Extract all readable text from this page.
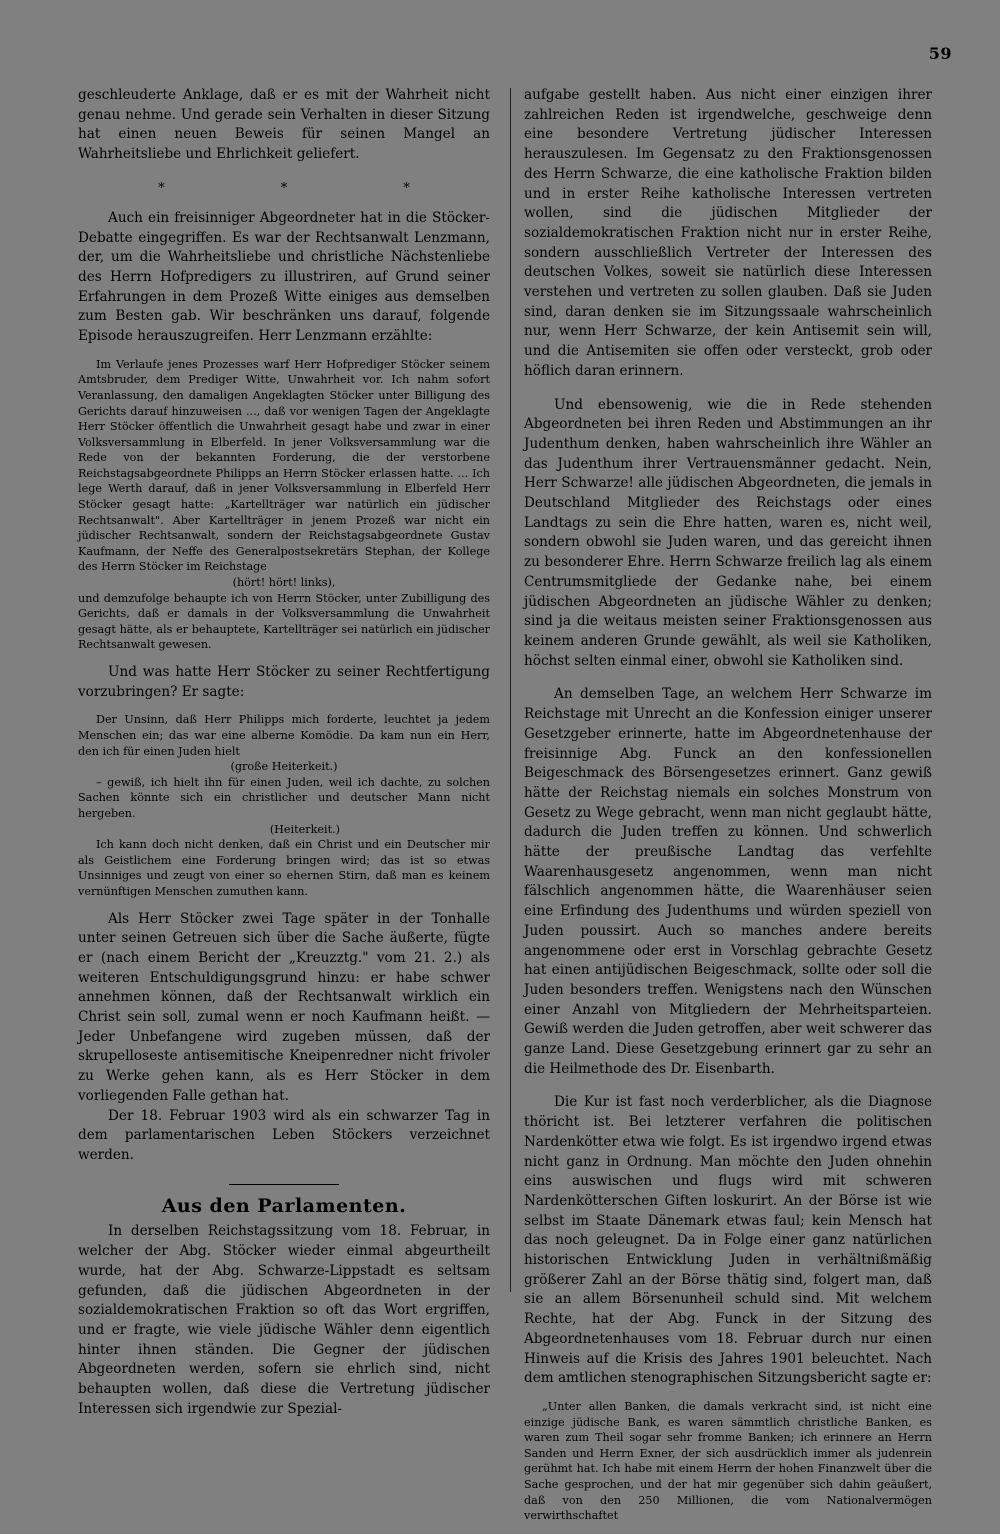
59

geschleuderte Anklage, daß er es mit der Wahrheit nicht genau nehme. Und gerade sein Verhalten in dieser Sitzung hat einen neuen Beweis für seinen Mangel an Wahrheitsliebe und Ehrlichkeit geliefert.

* * *

Auch ein freisinniger Abgeordneter hat in die Stöcker-Debatte eingegriffen. Es war der Rechtsanwalt Lenzmann, der, um die Wahrheitsliebe und christliche Nächstenliebe des Herrn Hofpredigers zu illustriren, auf Grund seiner Erfahrungen in dem Prozeß Witte einiges aus demselben zum Besten gab. Wir beschränken uns darauf, folgende Episode herauszugreifen. Herr Lenzmann erzählte:

Im Verlaufe jenes Prozesses warf Herr Hofprediger Stöcker seinem Amtsbruder, dem Prediger Witte, Unwahrheit vor. Ich nahm sofort Veranlassung, den damaligen Angeklagten Stöcker unter Billigung des Gerichts darauf hinzuweisen ..., daß vor wenigen Tagen der Angeklagte Herr Stöcker öffentlich die Unwahrheit gesagt habe und zwar in einer Volksversammlung in Elberfeld. In jener Volksversammlung war die Rede von der bekannten Forderung, die der verstorbene Reichstagsabgeordnete Philipps an Herrn Stöcker erlassen hatte. ... Ich lege Werth darauf, daß in jener Volksversammlung in Elberfeld Herr Stöcker gesagt hatte: „Kartellträger war natürlich ein jüdischer Rechtsanwalt". Aber Kartellträger in jenem Prozeß war nicht ein jüdischer Rechtsanwalt, sondern der Reichstagsabgeordnete Gustav Kaufmann, der Neffe des Generalpostsekretärs Stephan, der Kollege des Herrn Stöcker im Reichstage

(hört! hört! links),

und demzufolge behaupte ich von Herrn Stöcker, unter Zubilligung des Gerichts, daß er damals in der Volksversammlung die Unwahrheit gesagt hätte, als er behauptete, Kartellträger sei natürlich ein jüdischer Rechtsanwalt gewesen.

Und was hatte Herr Stöcker zu seiner Rechtfertigung vorzubringen? Er sagte:

Der Unsinn, daß Herr Philipps mich forderte, leuchtet ja jedem Menschen ein; das war eine alberne Komödie. Da kam nun ein Herr, den ich für einen Juden hielt

(große Heiterkeit.)

– gewiß, ich hielt ihn für einen Juden, weil ich dachte, zu solchen Sachen könnte sich ein christlicher und deutscher Mann nicht hergeben.

(Heiterkeit.)

Ich kann doch nicht denken, daß ein Christ und ein Deutscher mir als Geistlichem eine Forderung bringen wird; das ist so etwas Unsinniges und zeugt von einer so ehernen Stirn, daß man es keinem vernünftigen Menschen zumuthen kann.

Als Herr Stöcker zwei Tage später in der Tonhalle unter seinen Getreuen sich über die Sache äußerte, fügte er (nach einem Bericht der „Kreuzztg." vom 21. 2.) als weiteren Entschuldigungsgrund hinzu: er habe schwer annehmen können, daß der Rechtsanwalt wirklich ein Christ sein soll, zumal wenn er noch Kaufmann heißt. — Jeder Unbefangene wird zugeben müssen, daß der skrupelloseste antisemitische Kneipenredner nicht frivoler zu Werke gehen kann, als es Herr Stöcker in dem vorliegenden Falle gethan hat.

Der 18. Februar 1903 wird als ein schwarzer Tag in dem parlamentarischen Leben Stöckers verzeichnet werden.

Aus den Parlamenten.

In derselben Reichstagssitzung vom 18. Februar, in welcher der Abg. Stöcker wieder einmal abgeurtheilt wurde, hat der Abg. Schwarze-Lippstadt es seltsam gefunden, daß die jüdischen Abgeordneten in der sozialdemokratischen Fraktion so oft das Wort ergriffen, und er fragte, wie viele jüdische Wähler denn eigentlich hinter ihnen ständen. Die Gegner der jüdischen Abgeordneten werden, sofern sie ehrlich sind, nicht behaupten wollen, daß diese die Vertretung jüdischer Interessen sich irgendwie zur Spezial-

aufgabe gestellt haben. Aus nicht einer einzigen ihrer zahlreichen Reden ist irgendwelche, geschweige denn eine besondere Vertretung jüdischer Interessen herauszulesen. Im Gegensatz zu den Fraktionsgenossen des Herrn Schwarze, die eine katholische Fraktion bilden und in erster Reihe katholische Interessen vertreten wollen, sind die jüdischen Mitglieder der sozialdemokratischen Fraktion nicht nur in erster Reihe, sondern ausschließlich Vertreter der Interessen des deutschen Volkes, soweit sie natürlich diese Interessen verstehen und vertreten zu sollen glauben. Daß sie Juden sind, daran denken sie im Sitzungssaale wahrscheinlich nur, wenn Herr Schwarze, der kein Antisemit sein will, und die Antisemiten sie offen oder versteckt, grob oder höflich daran erinnern.

Und ebensowenig, wie die in Rede stehenden Abgeordneten bei ihren Reden und Abstimmungen an ihr Judenthum denken, haben wahrscheinlich ihre Wähler an das Judenthum ihrer Vertrauensmänner gedacht. Nein, Herr Schwarze! alle jüdischen Abgeordneten, die jemals in Deutschland Mitglieder des Reichstags oder eines Landtags zu sein die Ehre hatten, waren es, nicht weil, sondern obwohl sie Juden waren, und das gereicht ihnen zu besonderer Ehre. Herrn Schwarze freilich lag als einem Centrumsmitgliede der Gedanke nahe, bei einem jüdischen Abgeordneten an jüdische Wähler zu denken; sind ja die weitaus meisten seiner Fraktionsgenossen aus keinem anderen Grunde gewählt, als weil sie Katholiken, höchst selten einmal einer, obwohl sie Katholiken sind.

An demselben Tage, an welchem Herr Schwarze im Reichstage mit Unrecht an die Konfession einiger unserer Gesetzgeber erinnerte, hatte im Abgeordnetenhause der freisinnige Abg. Funck an den konfessionellen Beigeschmack des Börsengesetzes erinnert. Ganz gewiß hätte der Reichstag niemals ein solches Monstrum von Gesetz zu Wege gebracht, wenn man nicht geglaubt hätte, dadurch die Juden treffen zu können. Und schwerlich hätte der preußische Landtag das verfehlte Waarenhausgesetz angenommen, wenn man nicht fälschlich angenommen hätte, die Waarenhäuser seien eine Erfindung des Judenthums und würden speziell von Juden poussirt. Auch so manches andere bereits angenommene oder erst in Vorschlag gebrachte Gesetz hat einen antijüdischen Beigeschmack, sollte oder soll die Juden besonders treffen. Wenigstens nach den Wünschen einer Anzahl von Mitgliedern der Mehrheitsparteien. Gewiß werden die Juden getroffen, aber weit schwerer das ganze Land. Diese Gesetzgebung erinnert gar zu sehr an die Heilmethode des Dr. Eisenbarth.

Die Kur ist fast noch verderblicher, als die Diagnose thöricht ist. Bei letzterer verfahren die politischen Nardenkötter etwa wie folgt. Es ist irgendwo irgend etwas nicht ganz in Ordnung. Man möchte den Juden ohnehin eins auswischen und flugs wird mit schweren Nardenkötterschen Giften loskurirt. An der Börse ist wie selbst im Staate Dänemark etwas faul; kein Mensch hat das noch geleugnet. Da in Folge einer ganz natürlichen historischen Entwicklung Juden in verhältnißmäßig größerer Zahl an der Börse thätig sind, folgert man, daß sie an allem Börsenunheil schuld sind. Mit welchem Rechte, hat der Abg. Funck in der Sitzung des Abgeordnetenhauses vom 18. Februar durch nur einen Hinweis auf die Krisis des Jahres 1901 beleuchtet. Nach dem amtlichen stenographischen Sitzungsbericht sagte er:

„Unter allen Banken, die damals verkracht sind, ist nicht eine einzige jüdische Bank, es waren sämmtlich christliche Banken, es waren zum Theil sogar sehr fromme Banken; ich erinnere an Herrn Sanden und Herrn Exner, der sich ausdrücklich immer als judenrein gerühmt hat. Ich habe mit einem Herrn der hohen Finanzwelt über die Sache gesprochen, und der hat mir gegenüber sich dahin geäußert, daß von den 250 Millionen, die vom Nationalvermögen verwirthschaftet
